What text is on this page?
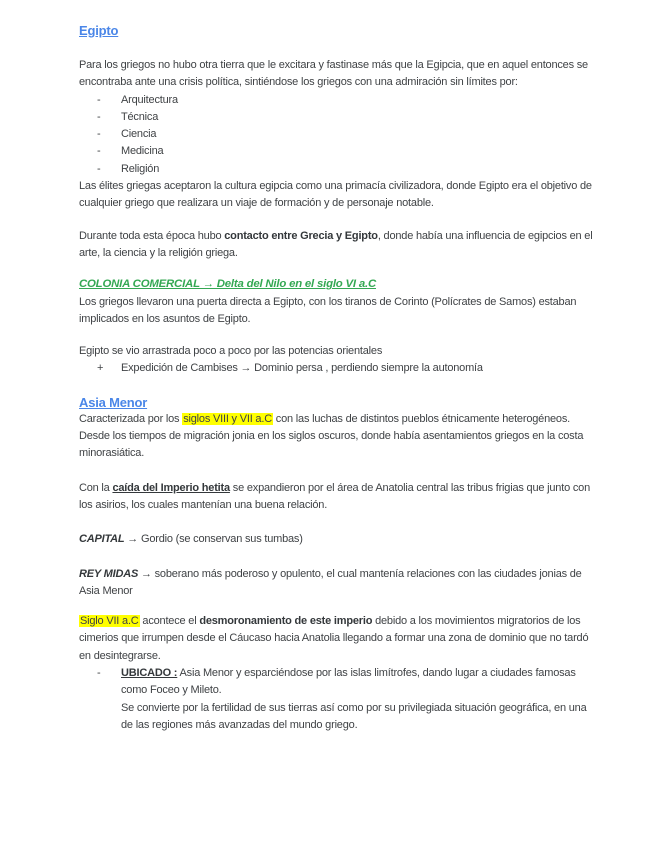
Egipto

Para los griegos no hubo otra tierra que le excitara y fastinase más que la Egipcia, que en aquel entonces se encontraba ante una crisis política, sintiéndose los griegos con una admiración sin límites por:

-	Arquitectura
-	Técnica
-	Ciencia
-	Medicina
-	Religión

Las élites griegas aceptaron la cultura egipcia como una primacía civilizadora, donde Egipto era el objetivo de cualquier griego que realizara un viaje de formación y de personaje notable.

Durante toda esta época hubo contacto entre Grecia y Egipto, donde había una influencia de egipcios en el arte, la ciencia y la religión griega.

COLONIA COMERCIAL → Delta del Nilo en el siglo VI a.C

Los griegos llevaron una puerta directa a Egipto, con los tiranos de Corinto (Polícrates de Samos) estaban implicados en los asuntos de Egipto.

Egipto se vio arrastrada poco a poco por las potencias orientales

+	Expedición de Cambises → Dominio persa , perdiendo siempre la autonomía
Asia Menor

Caracterizada por los siglos VIII y VII a.C con las luchas de distintos pueblos étnicamente heterogéneos. Desde los tiempos de migración jonia en los siglos oscuros, donde había asentamientos griegos en la costa minorasiática.

Con la caída del Imperio hetita se expandieron por el área de Anatolia central las tribus frigias que junto con los asirios, los cuales mantenían una buena relación.

CAPITAL → Gordio (se conservan sus tumbas)

REY MIDAS → soberano más poderoso y opulento, el cual mantenía relaciones con las ciudades jonias de Asia Menor

Siglo VII a.C acontece el desmoronamiento de este imperio debido a los movimientos migratorios de los cimerios que irrumpen desde el Cáucaso hacia Anatolia llegando a formar una zona de dominio que no tardó en desintegrarse.

-	UBICADO : Asia Menor y esparciéndose por las islas limítrofes, dando lugar a ciudades famosas como Foceo y Mileto.

Se convierte por la fertilidad de sus tierras así como por su privilegiada situación geográfica, en una de las regiones más avanzadas del mundo griego.
